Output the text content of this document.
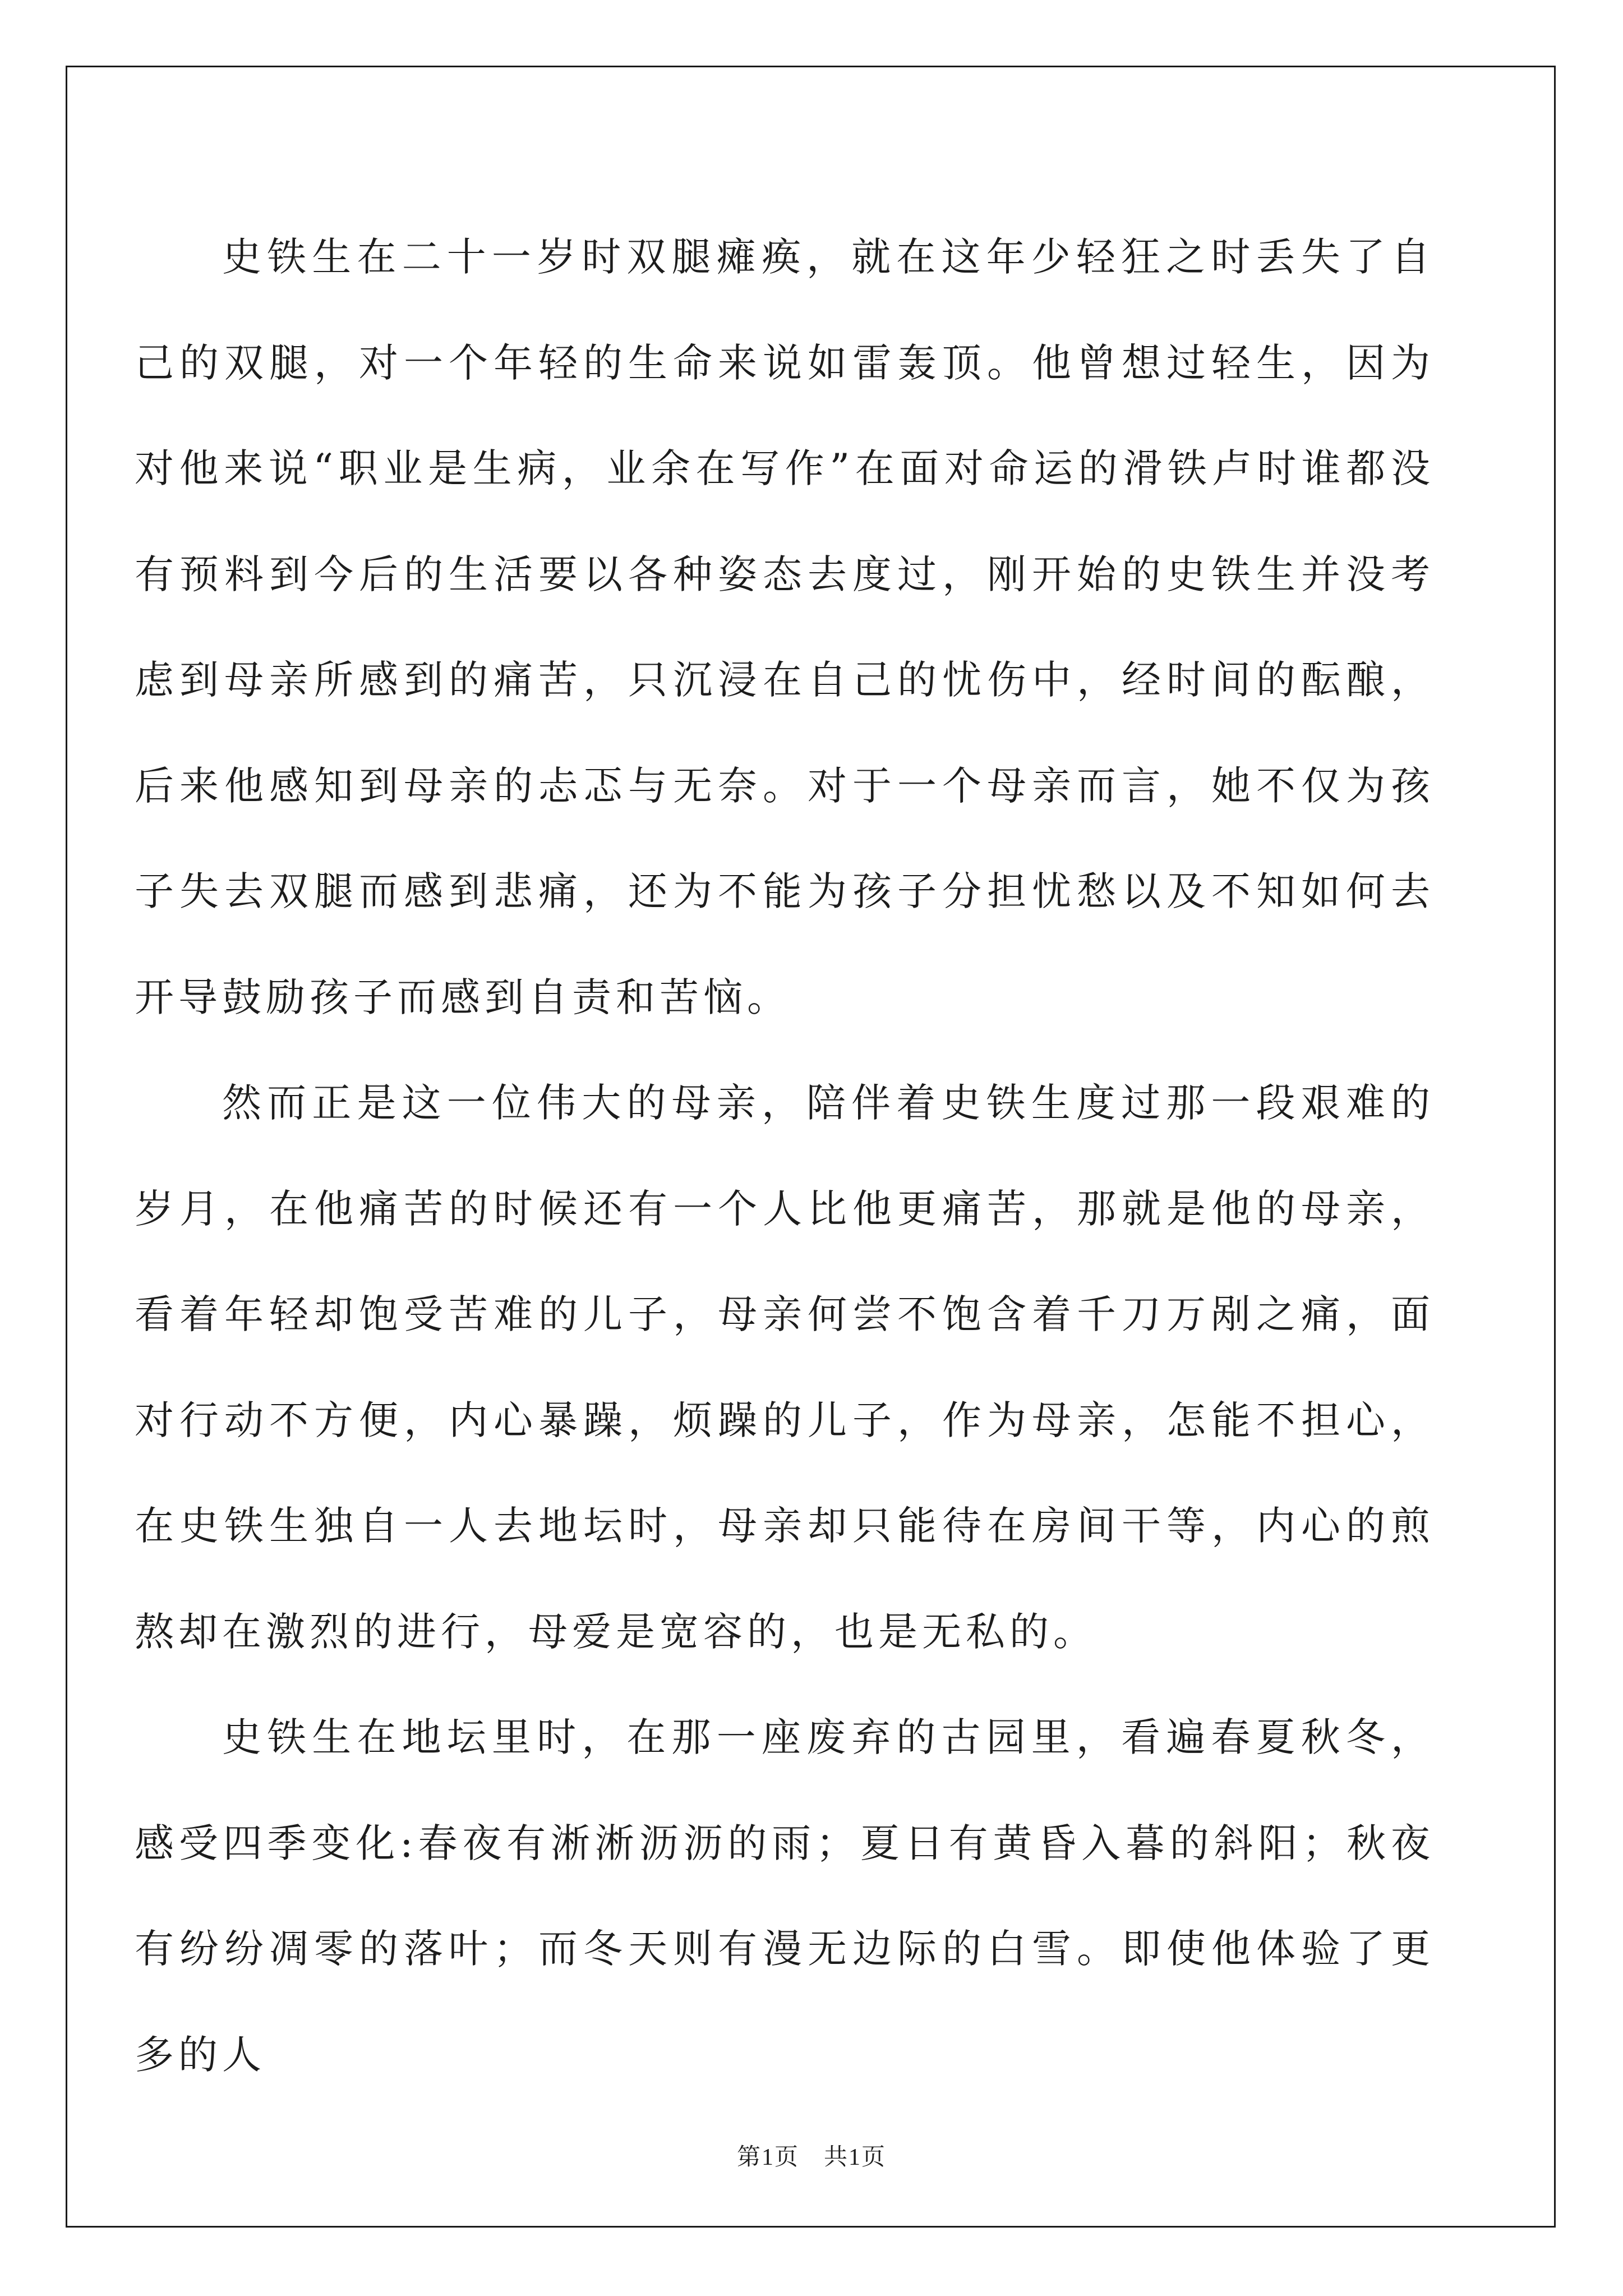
史铁生在二十一岁时双腿瘫痪，就在这年少轻狂之时丢失了自己的双腿，对一个年轻的生命来说如雷轰顶。他曾想过轻生，因为对他来说“职业是生病，业余在写作”在面对命运的滑铁卢时谁都没有预料到今后的生活要以各种姿态去度过，刚开始的史铁生并没考虑到母亲所感到的痛苦，只沉浸在自己的忧伤中，经时间的酝酿，后来他感知到母亲的忐忑与无奈。对于一个母亲而言，她不仅为孩子失去双腿而感到悲痛，还为不能为孩子分担忧愁以及不知如何去开导鼓励孩子而感到自责和苦恼。

然而正是这一位伟大的母亲，陪伴着史铁生度过那一段艰难的岁月，在他痛苦的时候还有一个人比他更痛苦，那就是他的母亲，看着年轻却饱受苦难的儿子，母亲何尝不饱含着千刀万剐之痛，面对行动不方便，内心暴躁，烦躁的儿子，作为母亲，怎能不担心，在史铁生独自一人去地坛时，母亲却只能待在房间干等，内心的煎熬却在激烈的进行，母爱是宽容的，也是无私的。

史铁生在地坛里时，在那一座废弃的古园里，看遍春夏秋冬，感受四季变化:春夜有淅淅沥沥的雨；夏日有黄昏入暮的斜阳；秋夜有纷纷凋零的落叶；而冬天则有漫无边际的白雪。即使他体验了更多的人

第1页　共1页
